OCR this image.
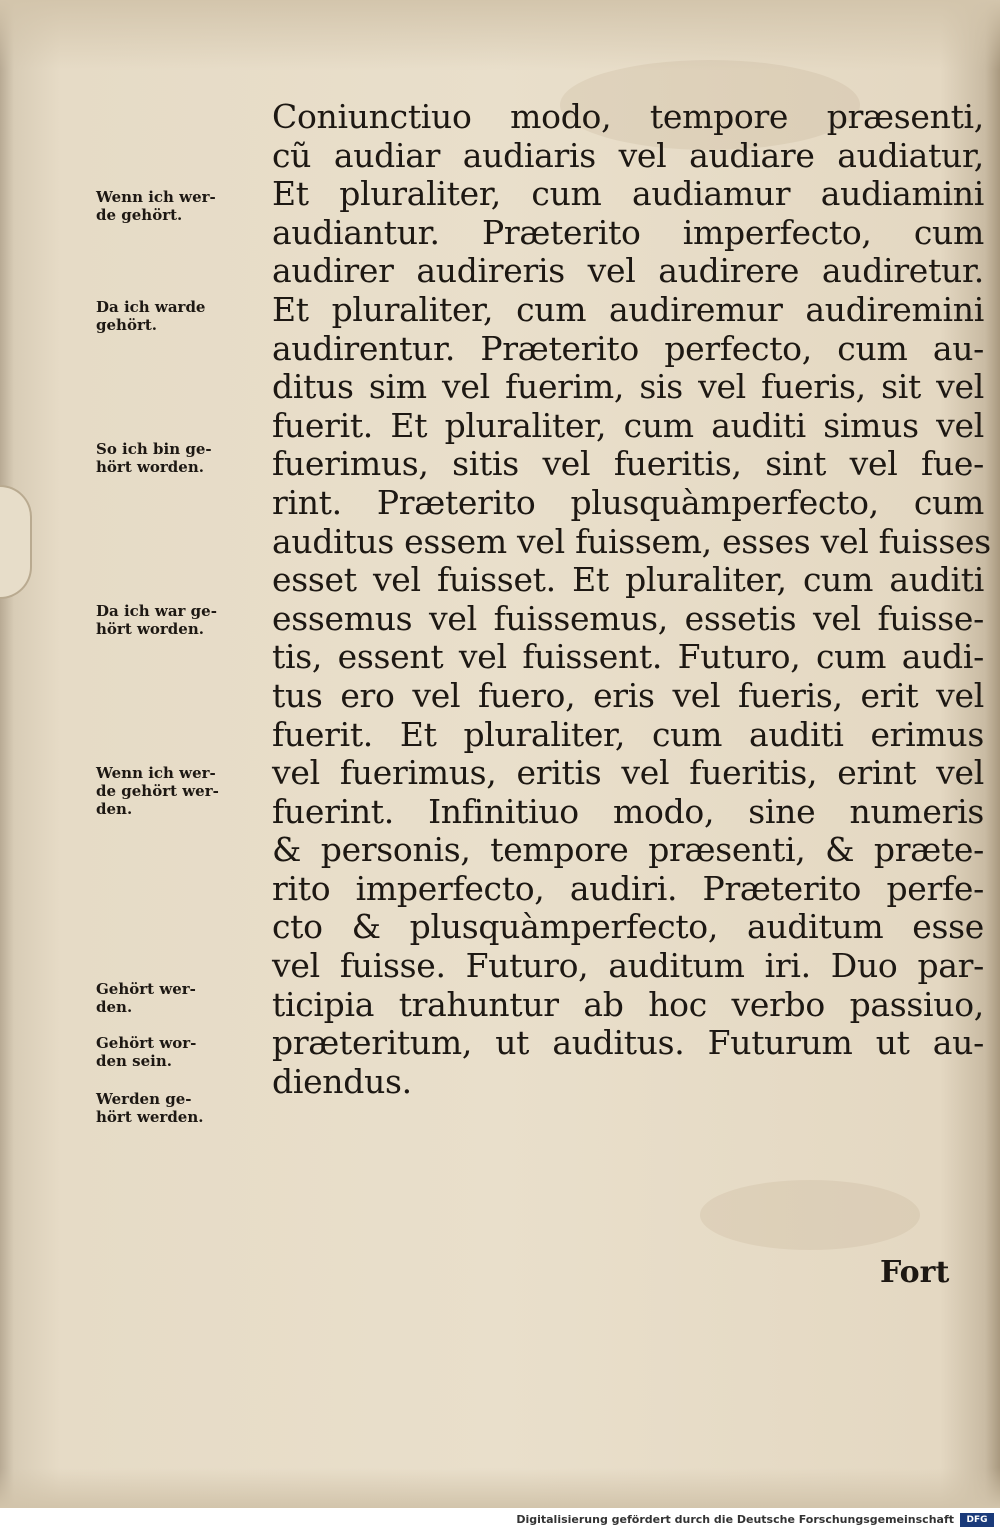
Coniunctiuo modo, tempore præsenti,
cũ audiar audiaris vel audiare audiatur,
Et pluraliter, cum audiamur audiamini
audiantur. Præterito imperfecto, cum
audirer audireris vel audirere audiretur.
Et pluraliter, cum audiremur audiremini
audirentur. Præterito perfecto, cum au-
ditus sim vel fuerim, sis vel fueris, sit vel
fuerit. Et pluraliter, cum auditi simus vel
fuerimus, sitis vel fueritis, sint vel fue-
rint. Præterito plusquàmperfecto, cum
auditus essem vel fuissem, esses vel fuisses
esset vel fuisset. Et pluraliter, cum auditi
essemus vel fuissemus, essetis vel fuisse-
tis, essent vel fuissent. Futuro, cum audi-
tus ero vel fuero, eris vel fueris, erit vel
fuerit. Et pluraliter, cum auditi erimus
vel fuerimus, eritis vel fueritis, erint vel
fuerint. Infinitiuo modo, sine numeris
& personis, tempore præsenti, & præte-
rito imperfecto, audiri. Præterito perfe-
cto & plusquàmperfecto, auditum esse
vel fuisse. Futuro, auditum iri. Duo par-
ticipia trahuntur ab hoc verbo passiuo,
præteritum, ut auditus. Futurum ut au-
diendus.
Wenn ich wer-
de gehört.
Da ich warde
gehört.
So ich bin ge-
hört worden.
Da ich war ge-
hört worden.
Wenn ich wer-
de gehört wer-
den.
Gehört wer-
den.
Gehört wor-
den sein.
Werden ge-
hört werden.
Fort
Digitalisierung gefördert durch die Deutsche Forschungsgemeinschaft	DFG
